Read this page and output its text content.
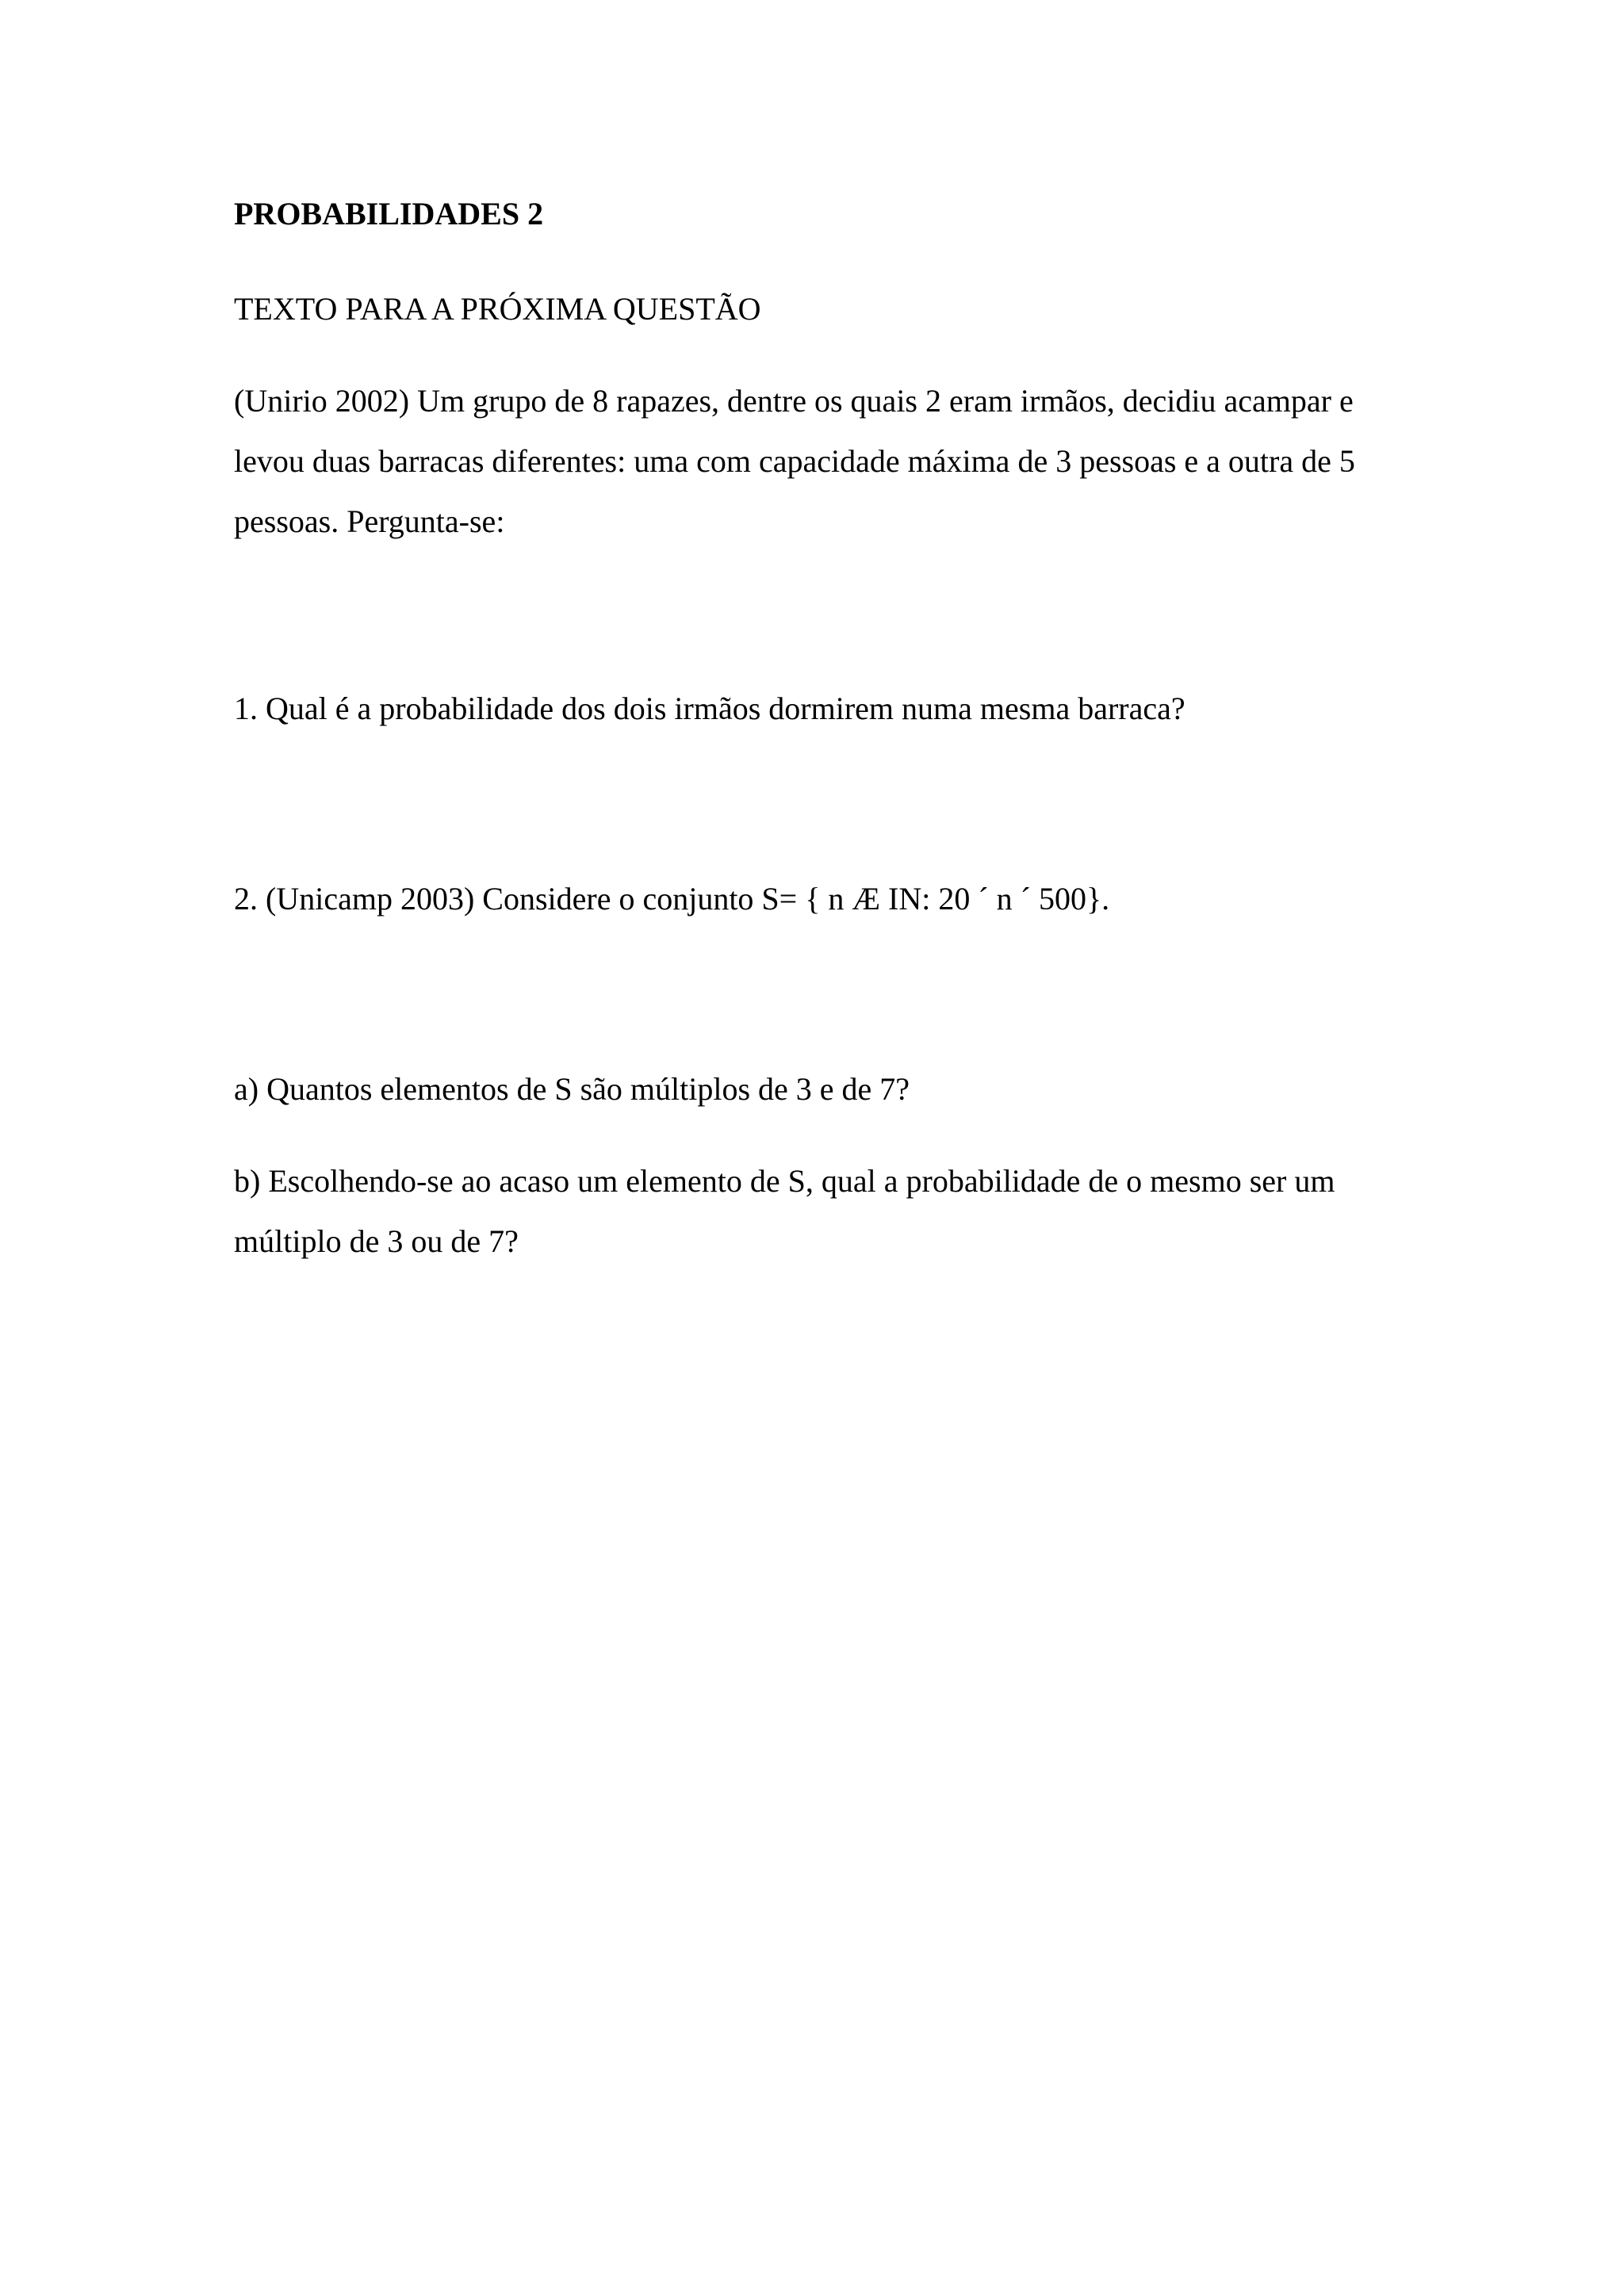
PROBABILIDADES 2

TEXTO PARA A PRÓXIMA QUESTÃO

(Unirio 2002) Um grupo de 8 rapazes, dentre os quais 2 eram irmãos, decidiu acampar e
levou duas barracas diferentes: uma com capacidade máxima de 3 pessoas e a outra de 5
pessoas. Pergunta-se:

1. Qual é a probabilidade dos dois irmãos dormirem numa mesma barraca?

2. (Unicamp 2003) Considere o conjunto S= { n Æ IN: 20 ´ n ´ 500}.

a) Quantos elementos de S são múltiplos de 3 e de 7?

b) Escolhendo-se ao acaso um elemento de S, qual a probabilidade de o mesmo ser um
múltiplo de 3 ou de 7?
